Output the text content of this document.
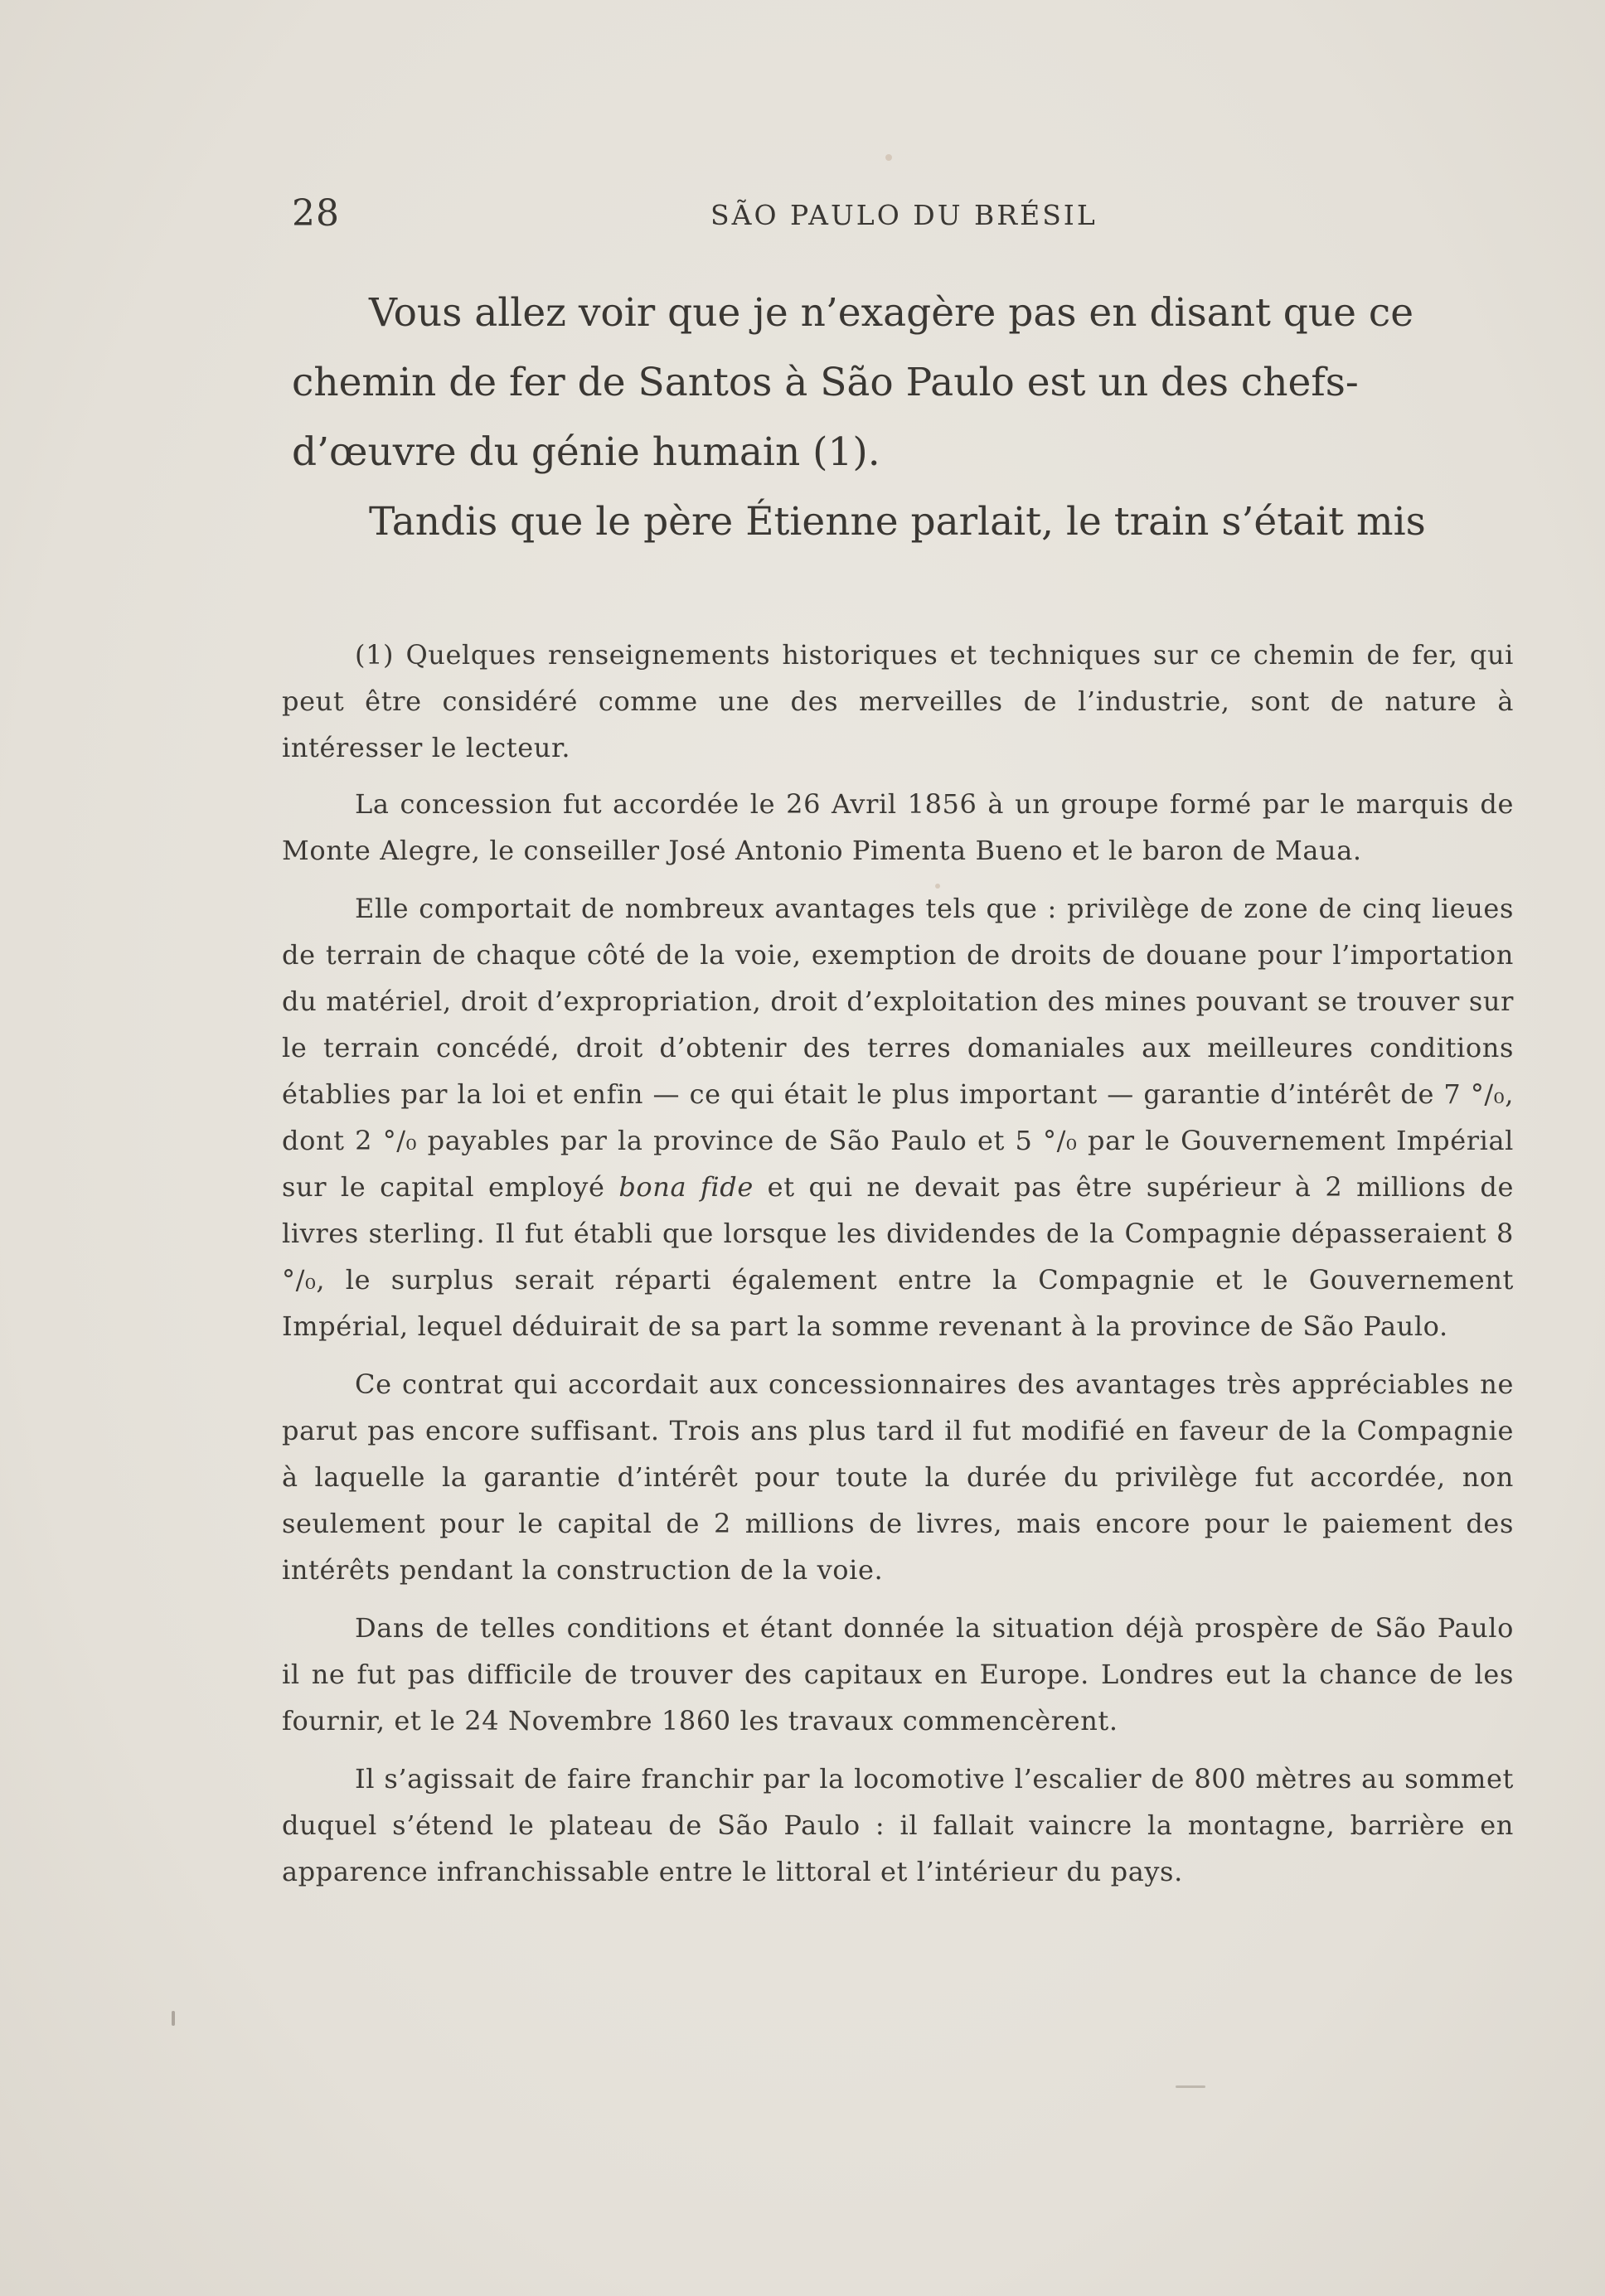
28	SÃO PAULO DU BRÉSIL

Vous allez voir que je n’exagère pas en disant que ce
chemin de fer de Santos à São Paulo est un des chefs-
d’œuvre du génie humain (1).

Tandis que le père Étienne parlait, le train s’était mis

(1) Quelques renseignements historiques et techniques sur ce chemin de fer, qui peut être considéré comme une des merveilles de l’industrie, sont de nature à intéresser le lecteur.

La concession fut accordée le 26 Avril 1856 à un groupe formé par le marquis de Monte Alegre, le conseiller José Antonio Pimenta Bueno et le baron de Maua.

Elle comportait de nombreux avantages tels que : privilège de zone de cinq lieues de terrain de chaque côté de la voie, exemption de droits de douane pour l’importation du matériel, droit d’expropriation, droit d’exploitation des mines pouvant se trouver sur le terrain concédé, droit d’obtenir des terres domaniales aux meilleures conditions établies par la loi et enfin — ce qui était le plus important — garantie d’intérêt de 7 °/₀, dont 2 °/₀ payables par la province de São Paulo et 5 °/₀ par le Gouvernement Impérial sur le capital employé bona fide et qui ne devait pas être supérieur à 2 millions de livres sterling. Il fut établi que lorsque les dividendes de la Compagnie dépasseraient 8 °/₀, le surplus serait réparti également entre la Compagnie et le Gouvernement Impérial, lequel déduirait de sa part la somme revenant à la province de São Paulo.

Ce contrat qui accordait aux concessionnaires des avantages très appréciables ne parut pas encore suffisant. Trois ans plus tard il fut modifié en faveur de la Compagnie à laquelle la garantie d’intérêt pour toute la durée du privilège fut accordée, non seulement pour le capital de 2 millions de livres, mais encore pour le paiement des intérêts pendant la construction de la voie.

Dans de telles conditions et étant donnée la situation déjà prospère de São Paulo il ne fut pas difficile de trouver des capitaux en Europe. Londres eut la chance de les fournir, et le 24 Novembre 1860 les travaux commencèrent.

Il s’agissait de faire franchir par la locomotive l’escalier de 800 mètres au sommet duquel s’étend le plateau de São Paulo : il fallait vaincre la montagne, barrière en apparence infranchissable entre le littoral et l’intérieur du pays.
